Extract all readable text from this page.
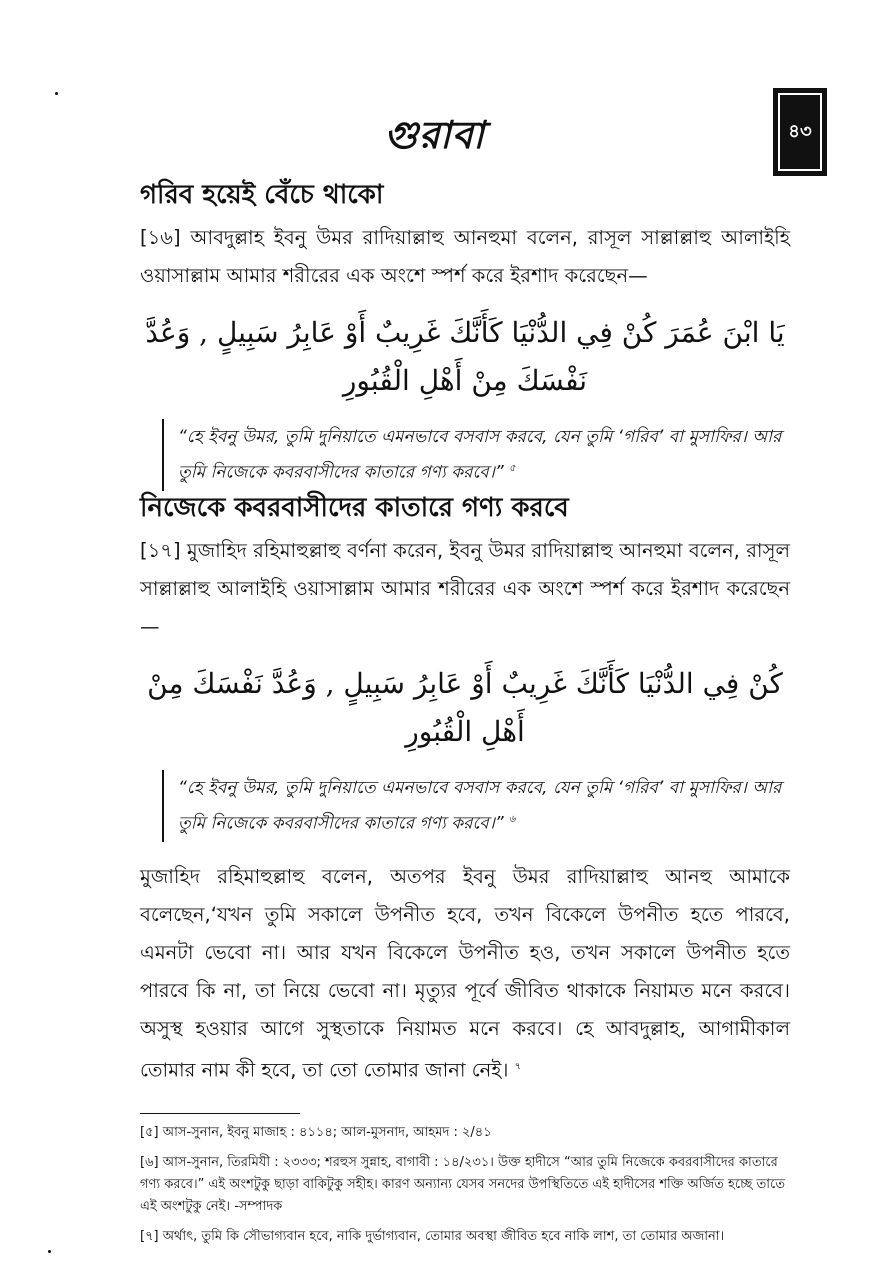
৪৩
গুরাবা
গরিব হয়েই বেঁচে থাকো

[১৬] আবদুল্লাহ ইবনু উমর রাদিয়াল্লাহু আনহুমা বলেন, রাসূল সাল্লাল্লাহু আলাইহি ওয়াসাল্লাম আমার শরীরের এক অংশে স্পর্শ করে ইরশাদ করেছেন—

يَا ابْنَ عُمَرَ كُنْ فِي الدُّنْيَا كَأَنَّكَ غَرِيبٌ أَوْ عَابِرُ سَبِيلٍ , وَعُدَّ نَفْسَكَ مِنْ أَهْلِ الْقُبُورِ

“হে ইবনু উমর, তুমি দুনিয়াতে এমনভাবে বসবাস করবে, যেন তুমি ‘গরিব’ বা মুসাফির। আর তুমি নিজেকে কবরবাসীদের কাতারে গণ্য করবে।” $^৫$
নিজেকে কবরবাসীদের কাতারে গণ্য করবে

[১৭] মুজাহিদ রহিমাহুল্লাহু বর্ণনা করেন, ইবনু উমর রাদিয়াল্লাহু আনহুমা বলেন, রাসূল সাল্লাল্লাহু আলাইহি ওয়াসাল্লাম আমার শরীরের এক অংশে স্পর্শ করে ইরশাদ করেছেন—

كُنْ فِي الدُّنْيَا كَأَنَّكَ غَرِيبٌ أَوْ عَابِرُ سَبِيلٍ , وَعُدَّ نَفْسَكَ مِنْ أَهْلِ الْقُبُورِ

“হে ইবনু উমর, তুমি দুনিয়াতে এমনভাবে বসবাস করবে, যেন তুমি ‘গরিব’ বা মুসাফির। আর তুমি নিজেকে কবরবাসীদের কাতারে গণ্য করবে।” $^৬$

মুজাহিদ রহিমাহুল্লাহু বলেন, অতপর ইবনু উমর রাদিয়াল্লাহু আনহু আমাকে বলেছেন,‘যখন তুমি সকালে উপনীত হবে, তখন বিকেলে উপনীত হতে পারবে, এমনটা ভেবো না। আর যখন বিকেলে উপনীত হও, তখন সকালে উপনীত হতে পারবে কি না, তা নিয়ে ভেবো না। মৃত্যুর পূর্বে জীবিত থাকাকে নিয়ামত মনে করবে। অসুস্থ হওয়ার আগে সুস্থতাকে নিয়ামত মনে করবে। হে আবদুল্লাহ, আগামীকাল তোমার নাম কী হবে, তা তো তোমার জানা নেই। $^৭$

[৫] আস-সুনান, ইবনু মাজাহ : ৪১১৪; আল-মুসনাদ, আহমদ : ২/৪১

[৬] আস-সুনান, তিরমিযী : ২৩৩৩; শরহুস সুন্নাহ, বাগাবী : ১৪/২৩১। উক্ত হাদীসে “আর তুমি নিজেকে কবরবাসীদের কাতারে গণ্য করবে।” এই অংশটুকু ছাড়া বাকিটুকু সহীহ। কারণ অন্যান্য যেসব সনদের উপস্থিতিতে এই হাদীসের শক্তি অর্জিত হচ্ছে তাতে এই অংশটুকু নেই। -সম্পাদক

[৭] অর্থাৎ, তুমি কি সৌভাগ্যবান হবে, নাকি দুর্ভাগ্যবান, তোমার অবস্থা জীবিত হবে নাকি লাশ, তা তোমার অজানা।
